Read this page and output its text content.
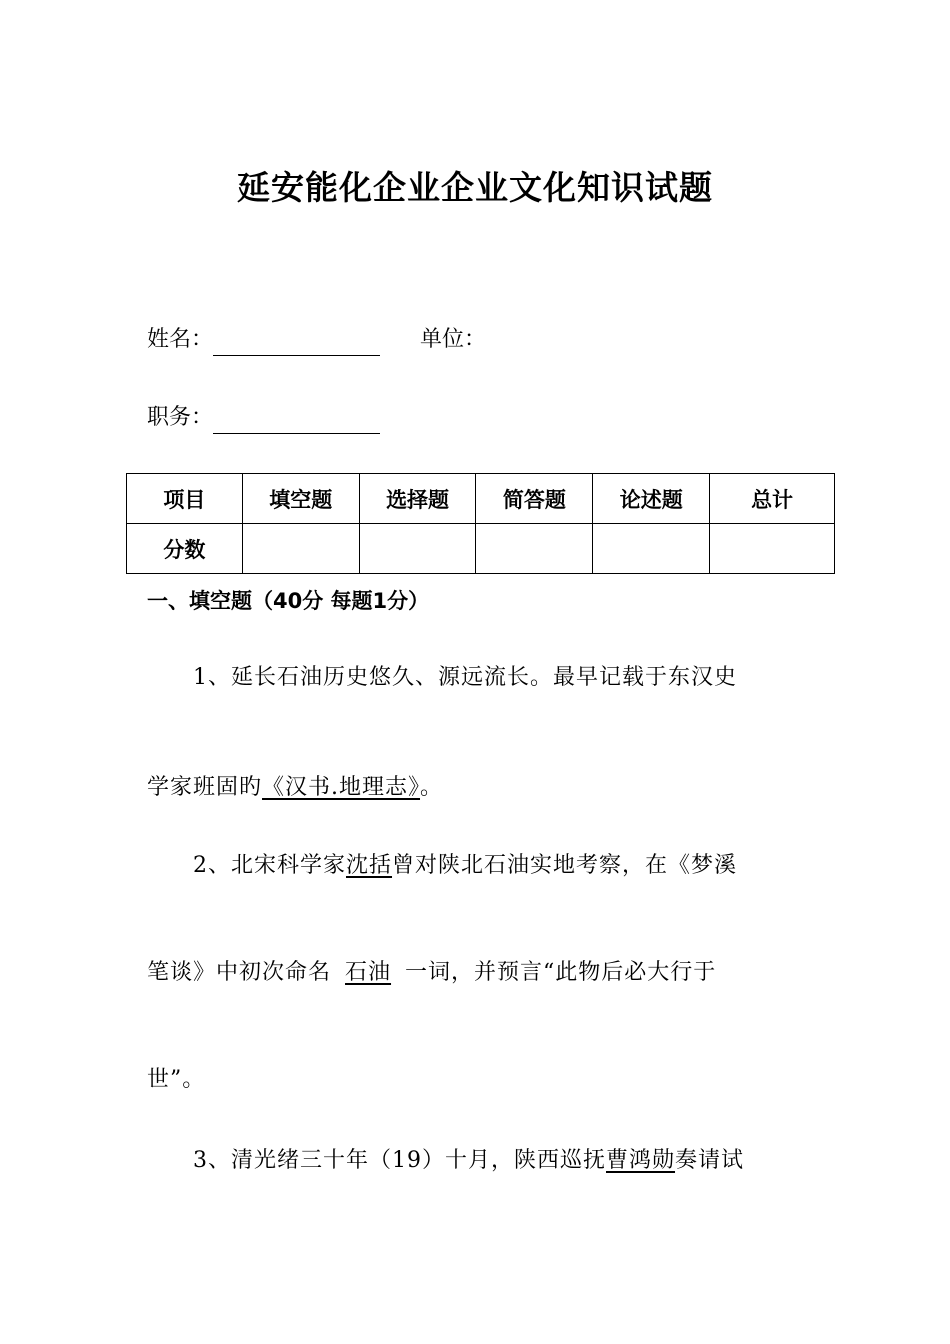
延安能化企业企业文化知识试题
姓名：	单位：
职务：
项目	填空题	选择题	简答题	论述题	总计
分数					
一、填空题（40分 每题1分）
1、延长石油历史悠久、源远流长。最早记载于东汉史
学家班固旳《汉书.地理志》。
2、北宋科学家沈括曾对陕北石油实地考察，在《梦溪
笔谈》中初次命名 石油 一词，并预言“此物后必大行于
世”。
3、清光绪三十年（19）十月，陕西巡抚曹鸿勋奏请试
